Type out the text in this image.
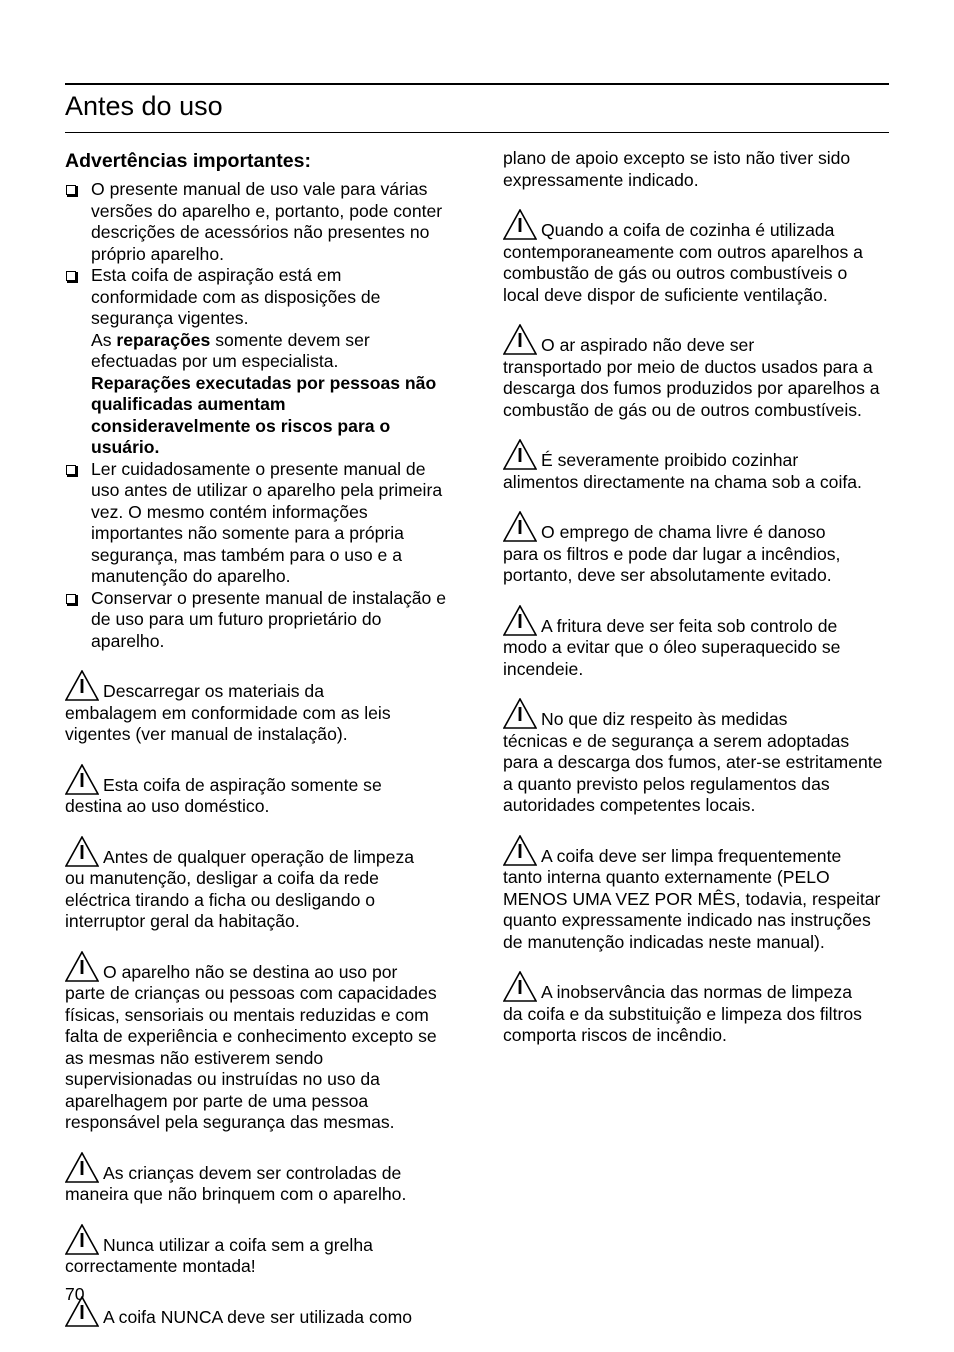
Antes do uso
Advertências importantes:
O presente manual de uso vale para várias versões do aparelho e, portanto, pode conter descrições de acessórios não presentes no próprio aparelho.
Esta coifa de aspiração está em conformidade com as disposições de segurança vigentes.
As reparações somente devem ser efectuadas por um especialista.
Reparações executadas por pessoas não qualificadas aumentam consideravelmente os riscos para o usuário.
Ler cuidadosamente o presente manual de uso antes de utilizar o aparelho pela primeira vez. O mesmo contém informações importantes não somente para a própria segurança, mas também para o uso e a manutenção do aparelho.
Conservar o presente manual de instalação e de uso para um futuro proprietário do aparelho.

Descarregar os materiais da
embalagem em conformidade com as leis vigentes (ver manual de instalação).

Esta coifa de aspiração somente se
destina ao uso doméstico.

Antes de qualquer operação de limpeza
ou manutenção, desligar a coifa da rede eléctrica tirando a ficha ou desligando o interruptor geral da habitação.

O aparelho não se destina ao uso por
parte de crianças ou pessoas com capacidades físicas, sensoriais ou mentais reduzidas e com falta de experiência e conhecimento excepto se as mesmas não estiverem sendo supervisionadas ou instruídas no uso da aparelhagem por parte de uma pessoa responsável pela segurança das mesmas.

As crianças devem ser controladas de
maneira que não brinquem com o aparelho.

Nunca utilizar a coifa sem a grelha
correctamente montada!

A coifa NUNCA deve ser utilizada como

plano de apoio excepto se isto não tiver sido expressamente indicado.

Quando a coifa de cozinha é utilizada
contemporaneamente com outros aparelhos a combustão de gás ou outros combustíveis o local deve dispor de suficiente ventilação.

O ar aspirado não deve ser
transportado por meio de ductos usados para a descarga dos fumos produzidos por aparelhos a combustão de gás ou de outros combustíveis.

É severamente proibido cozinhar
alimentos directamente na chama sob a coifa.

O emprego de chama livre é danoso
para os filtros e pode dar lugar a incêndios, portanto, deve ser absolutamente evitado.

A fritura deve ser feita sob controlo de
modo a evitar que o óleo superaquecido se incendeie.

No que diz respeito às medidas
técnicas e de segurança a serem adoptadas para a descarga dos fumos, ater-se estritamente a quanto previsto pelos regulamentos das autoridades competentes locais.

A coifa deve ser limpa frequentemente
tanto interna quanto externamente (PELO MENOS UMA VEZ POR MÊS, todavia, respeitar quanto expressamente indicado nas instruções de manutenção indicadas neste manual).

A inobservância das normas de limpeza
da coifa e da substituição e limpeza dos filtros comporta riscos de incêndio.

70
